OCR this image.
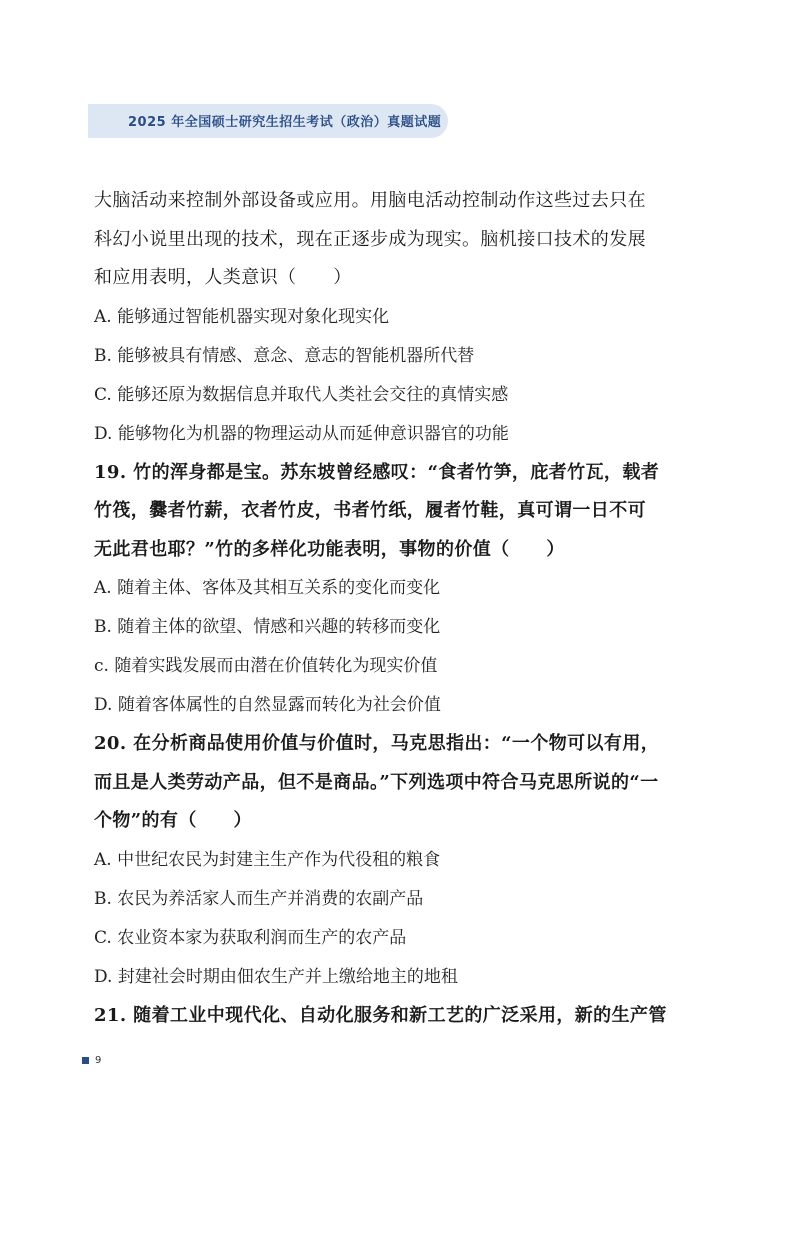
2025 年全国硕士研究生招生考试（政治）真题试题

大脑活动来控制外部设备或应用。用脑电活动控制动作这些过去只在

科幻小说里出现的技术，现在正逐步成为现实。脑机接口技术的发展

和应用表明，人类意识（　　）

A. 能够通过智能机器实现对象化现实化

B. 能够被具有情感、意念、意志的智能机器所代替

C. 能够还原为数据信息并取代人类社会交往的真情实感

D. 能够物化为机器的物理运动从而延伸意识器官的功能

19. 竹的浑身都是宝。苏东坡曾经感叹：“食者竹笋，庇者竹瓦，载者

竹筏，爨者竹薪，衣者竹皮，书者竹纸，履者竹鞋，真可谓一日不可

无此君也耶？”竹的多样化功能表明，事物的价值（　　）

A. 随着主体、客体及其相互关系的变化而变化

B. 随着主体的欲望、情感和兴趣的转移而变化

c. 随着实践发展而由潜在价值转化为现实价值

D. 随着客体属性的自然显露而转化为社会价值

20. 在分析商品使用价值与价值时，马克思指出：“一个物可以有用，

而且是人类劳动产品，但不是商品。”下列选项中符合马克思所说的“一

个物”的有（　　）

A. 中世纪农民为封建主生产作为代役租的粮食

B. 农民为养活家人而生产并消费的农副产品

C. 农业资本家为获取利润而生产的农产品

D. 封建社会时期由佃农生产并上缴给地主的地租

21. 随着工业中现代化、自动化服务和新工艺的广泛采用，新的生产管

9
